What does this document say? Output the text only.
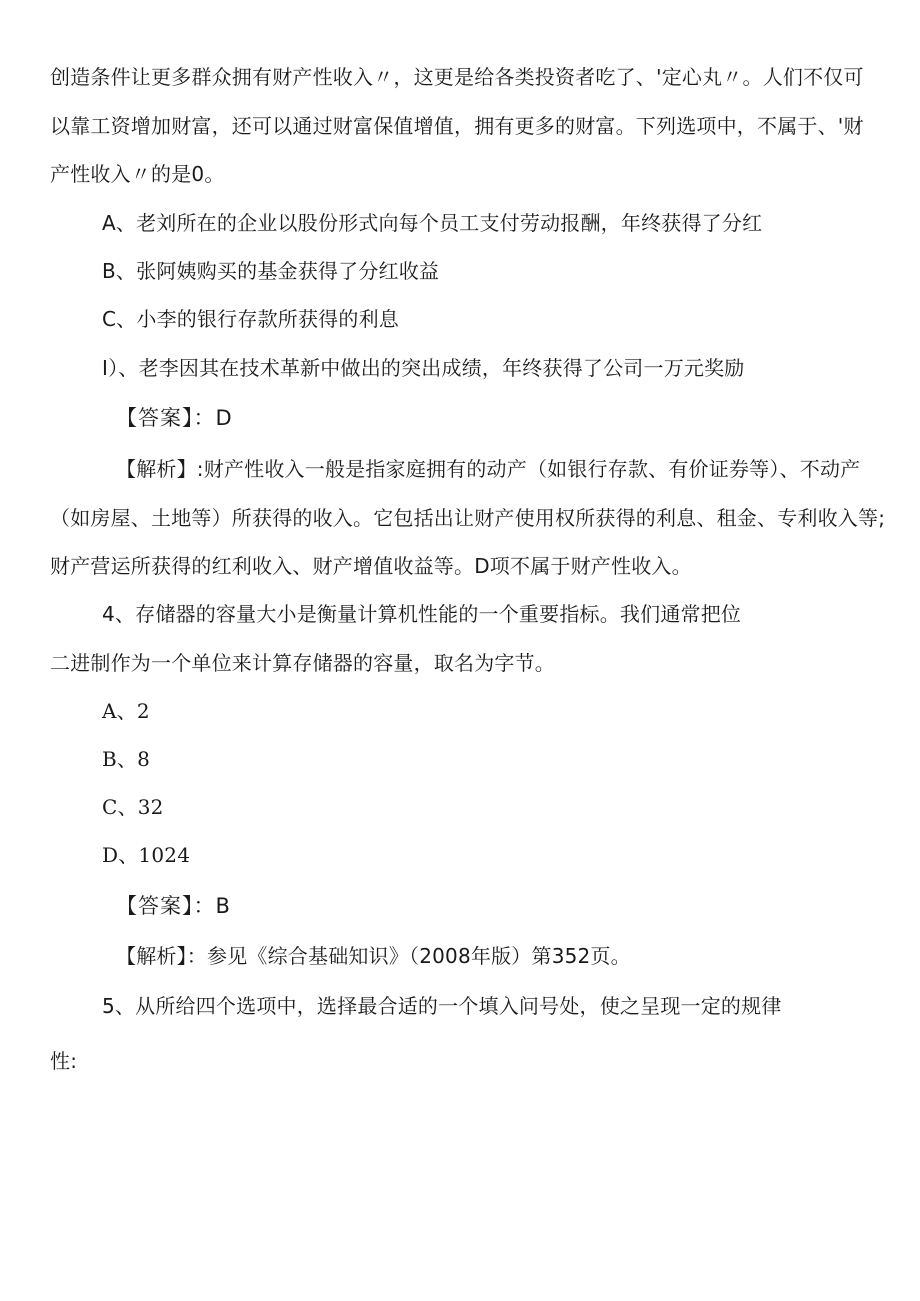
创造条件让更多群众拥有财产性收入〃，这更是给各类投资者吃了、'定心丸〃。人们不仅可
以靠工资增加财富，还可以通过财富保值增值，拥有更多的财富。下列选项中，不属于、'财
产性收入〃的是0。
A、老刘所在的企业以股份形式向每个员工支付劳动报酬，年终获得了分红
B、张阿姨购买的基金获得了分红收益
C、小李的银行存款所获得的利息
I）、老李因其在技术革新中做出的突出成绩，年终获得了公司一万元奖励
【答案】：D
【解析】:财产性收入一般是指家庭拥有的动产（如银行存款、有价证券等）、不动产
（如房屋、土地等）所获得的收入。它包括出让财产使用权所获得的利息、租金、专利收入等;
财产营运所获得的红利收入、财产增值收益等。D项不属于财产性收入。
4、存储器的容量大小是衡量计算机性能的一个重要指标。我们通常把位
二进制作为一个单位来计算存储器的容量，取名为字节。
A、2
B、8
C、32
D、1024
【答案】：B
【解析】：参见《综合基础知识》（2008年版）第352页。
5、从所给四个选项中，选择最合适的一个填入问号处，使之呈现一定的规律
性:
